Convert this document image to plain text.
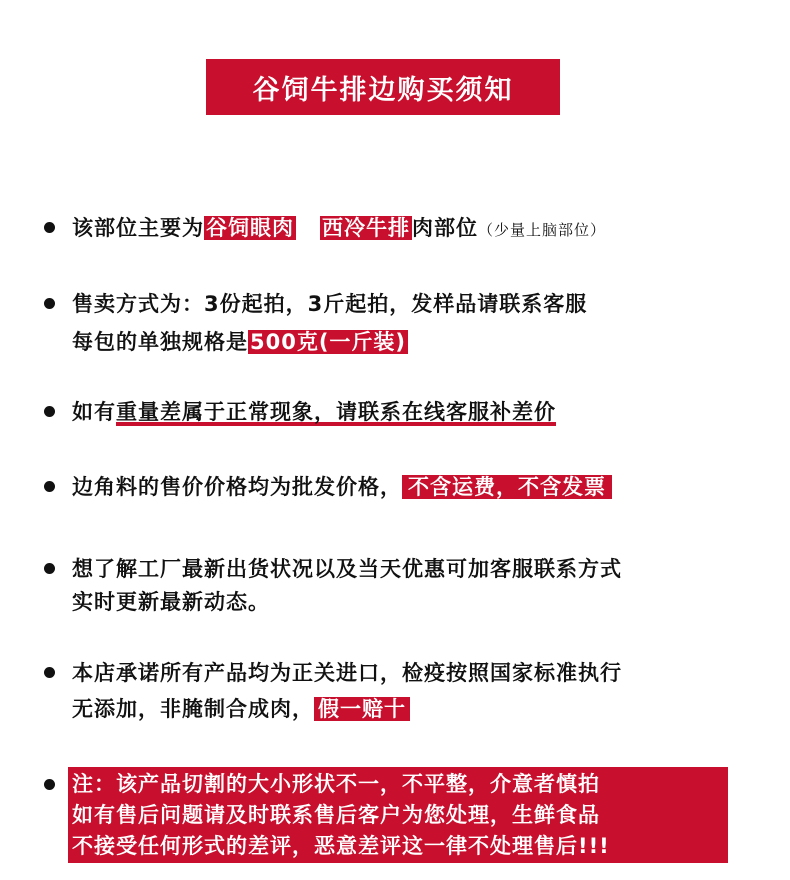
谷饲牛排边购买须知
该部位主要为谷饲眼肉 西冷牛排肉部位（少量上脑部位）
售卖方式为：3份起拍，3斤起拍，发样品请联系客服
每包的单独规格是500克(一斤装)
如有重量差属于正常现象，请联系在线客服补差价
边角料的售价价格均为批发价格， 不含运费，不含发票
想了解工厂最新出货状况以及当天优惠可加客服联系方式
实时更新最新动态。
本店承诺所有产品均为正关进口，检疫按照国家标准执行
无添加，非腌制合成肉， 假一赔十
注：该产品切割的大小形状不一，不平整，介意者慎拍
如有售后问题请及时联系售后客户为您处理，生鲜食品
不接受任何形式的差评，恶意差评这一律不处理售后!!!
